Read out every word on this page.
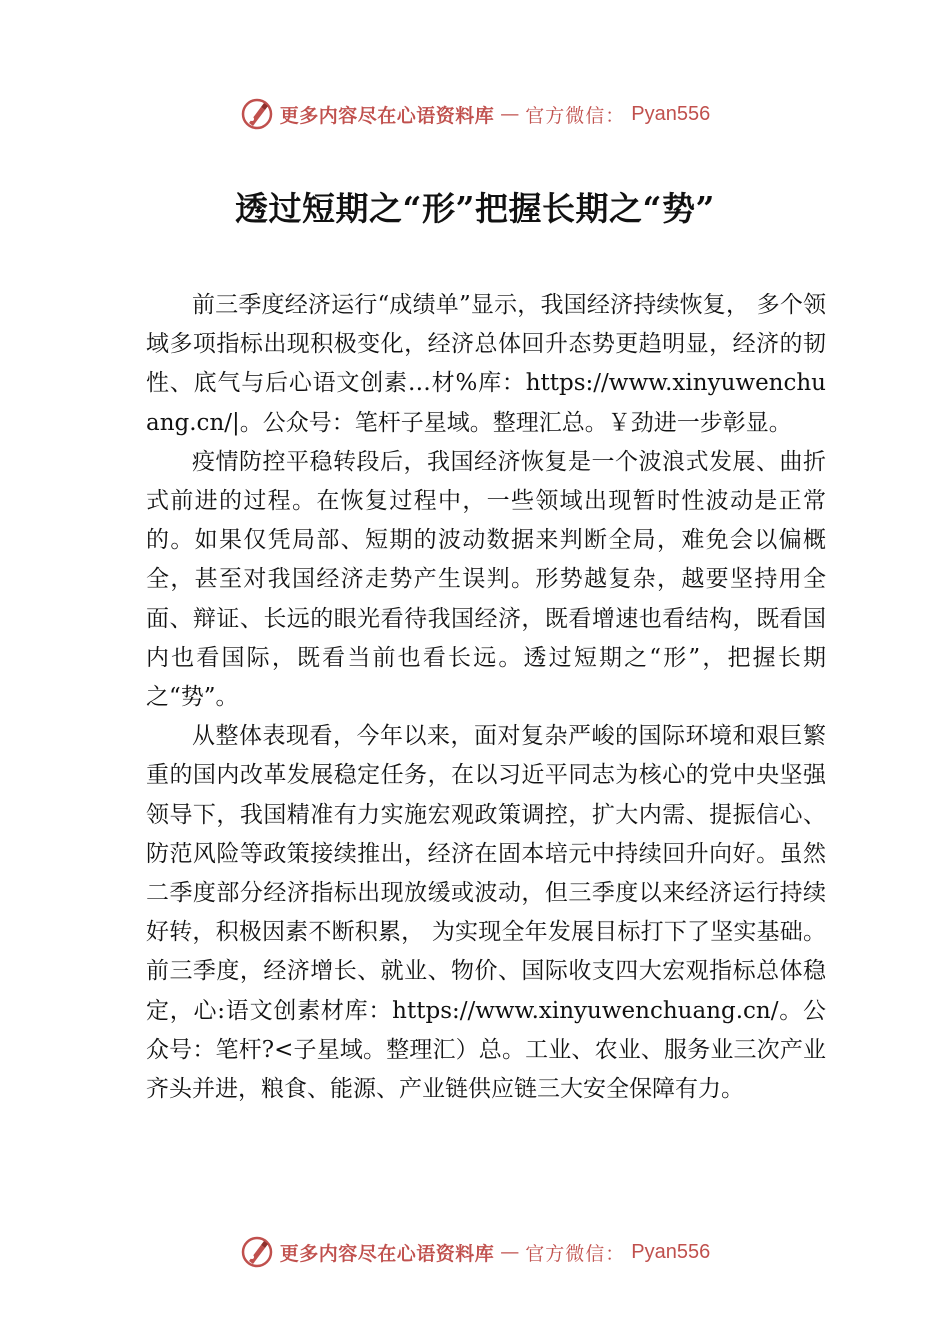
更多内容尽在心语资料库 — 官方微信： Pyan556
透过短期之“形”把握长期之“势”

前三季度经济运行“成绩单”显示，我国经济持续恢复， 多个领域多项指标出现积极变化，经济总体回升态势更趋明显，经济的韧性、底气与后心语文创素…材%库：https://www.xinyuwenchuang.cn/|。公众号：笔杆子星域。整理汇总。￥劲进一步彰显。

疫情防控平稳转段后，我国经济恢复是一个波浪式发展、曲折式前进的过程。在恢复过程中，一些领域出现暂时性波动是正常的。如果仅凭局部、短期的波动数据来判断全局，难免会以偏概全，甚至对我国经济走势产生误判。形势越复杂，越要坚持用全面、辩证、长远的眼光看待我国经济，既看增速也看结构，既看国内也看国际，既看当前也看长远。透过短期之“形”，把握长期之“势”。

从整体表现看，今年以来，面对复杂严峻的国际环境和艰巨繁重的国内改革发展稳定任务，在以习近平同志为核心的党中央坚强领导下，我国精准有力实施宏观政策调控，扩大内需、提振信心、防范风险等政策接续推出，经济在固本培元中持续回升向好。虽然二季度部分经济指标出现放缓或波动，但三季度以来经济运行持续好转，积极因素不断积累， 为实现全年发展目标打下了坚实基础。前三季度，经济增长、就业、物价、国际收支四大宏观指标总体稳定，心:语文创素材库：https://www.xinyuwenchuang.cn/。公众号：笔杆?<子星域。整理汇）总。工业、农业、服务业三次产业齐头并进，粮食、能源、产业链供应链三大安全保障有力。

更多内容尽在心语资料库 — 官方微信： Pyan556
